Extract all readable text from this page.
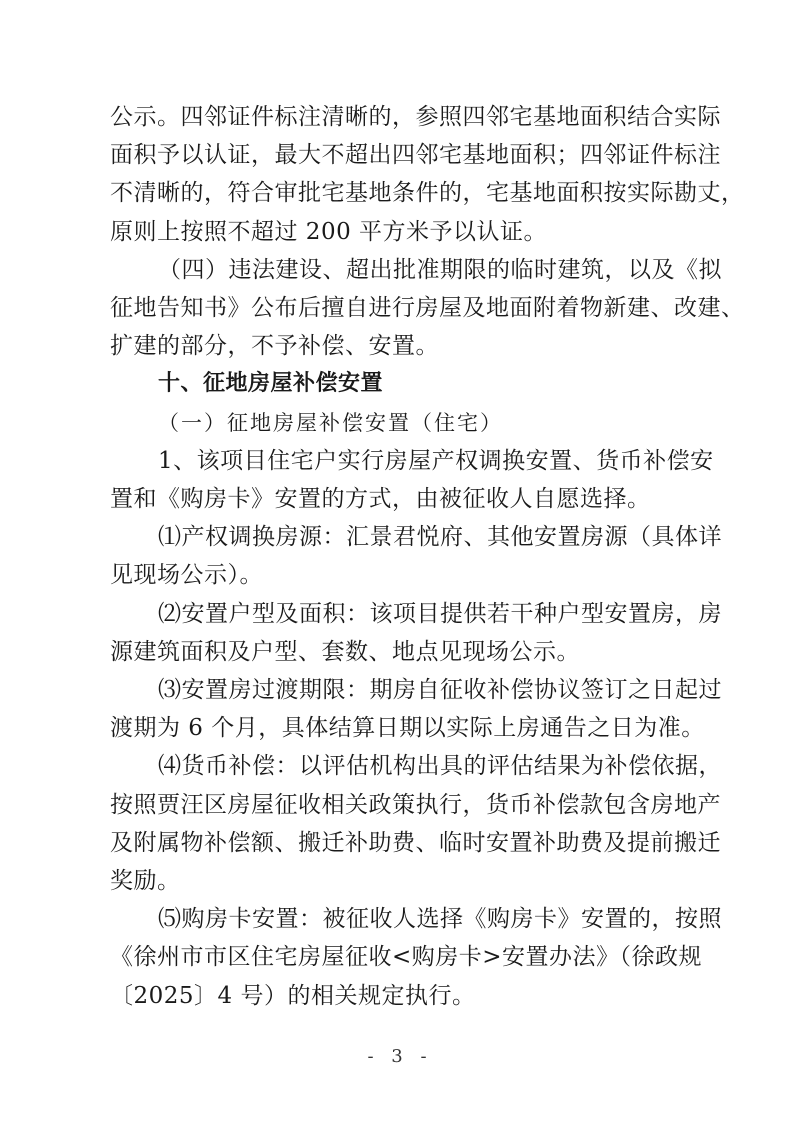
公示。四邻证件标注清晰的，参照四邻宅基地面积结合实际
面积予以认证，最大不超出四邻宅基地面积；四邻证件标注
不清晰的，符合审批宅基地条件的，宅基地面积按实际勘丈，
原则上按照不超过 200 平方米予以认证。
（四）违法建设、超出批准期限的临时建筑，以及《拟
征地告知书》公布后擅自进行房屋及地面附着物新建、改建、
扩建的部分，不予补偿、安置。
十、征地房屋补偿安置
（一）征地房屋补偿安置（住宅）
1、该项目住宅户实行房屋产权调换安置、货币补偿安
置和《购房卡》安置的方式，由被征收人自愿选择。
⑴产权调换房源：汇景君悦府、其他安置房源（具体详
见现场公示）。
⑵安置户型及面积：该项目提供若干种户型安置房，房
源建筑面积及户型、套数、地点见现场公示。
⑶安置房过渡期限：期房自征收补偿协议签订之日起过
渡期为 6 个月，具体结算日期以实际上房通告之日为准。
⑷货币补偿：以评估机构出具的评估结果为补偿依据，
按照贾汪区房屋征收相关政策执行，货币补偿款包含房地产
及附属物补偿额、搬迁补助费、临时安置补助费及提前搬迁
奖励。
⑸购房卡安置：被征收人选择《购房卡》安置的，按照
《徐州市市区住宅房屋征收<购房卡>安置办法》（徐政规
〔2025〕4 号）的相关规定执行。
- 3 -
